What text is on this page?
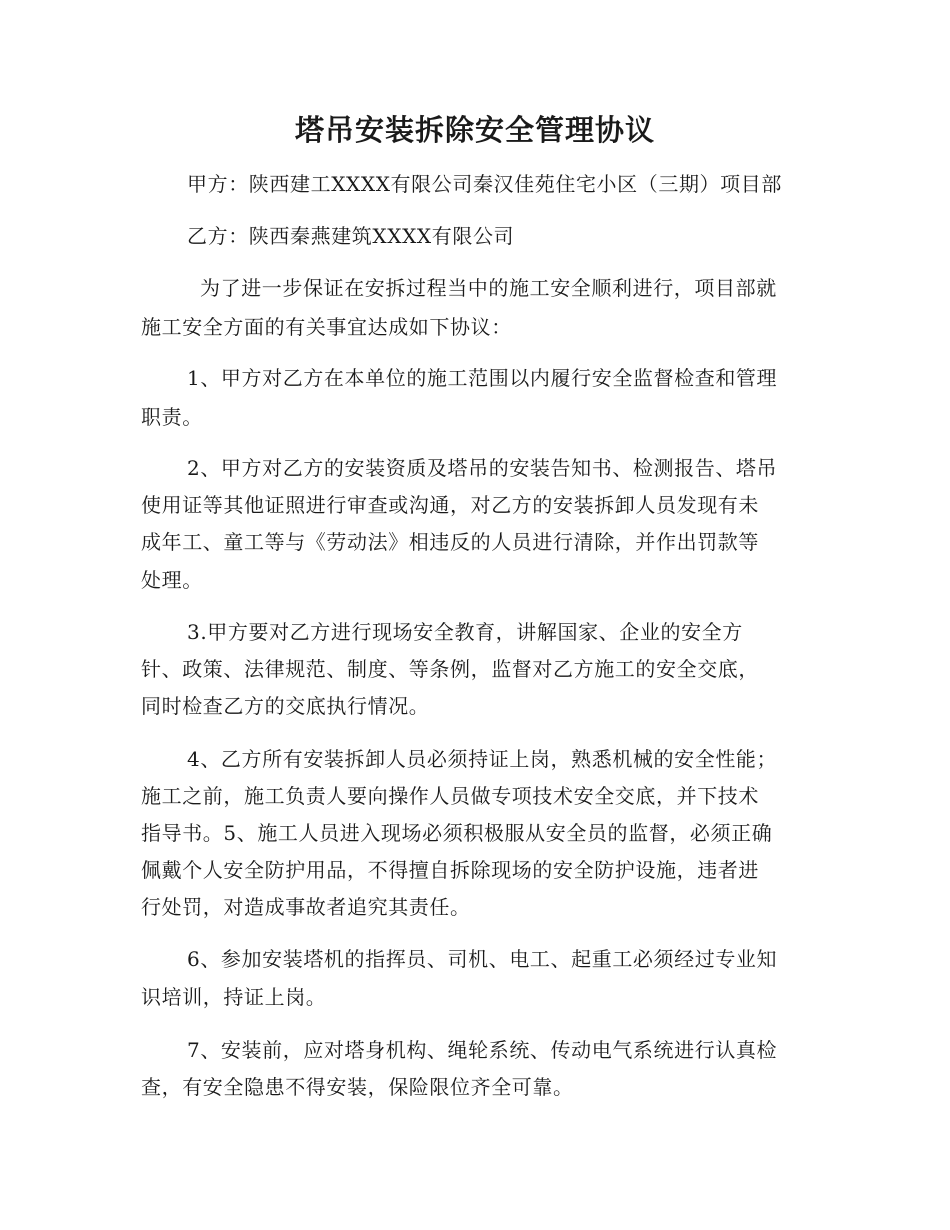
塔吊安装拆除安全管理协议
甲方：陕西建工XXXX有限公司秦汉佳苑住宅小区（三期）项目部
乙方：陕西秦燕建筑XXXX有限公司
为了进一步保证在安拆过程当中的施工安全顺利进行，项目部就
施工安全方面的有关事宜达成如下协议：
1、甲方对乙方在本单位的施工范围以内履行安全监督检查和管理
职责。
2、甲方对乙方的安装资质及塔吊的安装告知书、检测报告、塔吊
使用证等其他证照进行审查或沟通，对乙方的安装拆卸人员发现有未
成年工、童工等与《劳动法》相违反的人员进行清除，并作出罚款等
处理。
3.甲方要对乙方进行现场安全教育，讲解国家、企业的安全方
针、政策、法律规范、制度、等条例，监督对乙方施工的安全交底，
同时检查乙方的交底执行情况。
4、乙方所有安装拆卸人员必须持证上岗，熟悉机械的安全性能；
施工之前，施工负责人要向操作人员做专项技术安全交底，并下技术
指导书。5、施工人员进入现场必须积极服从安全员的监督，必须正确
佩戴个人安全防护用品，不得擅自拆除现场的安全防护设施，违者进
行处罚，对造成事故者追究其责任。
6、参加安装塔机的指挥员、司机、电工、起重工必须经过专业知
识培训，持证上岗。
7、安装前，应对塔身机构、绳轮系统、传动电气系统进行认真检
查，有安全隐患不得安装，保险限位齐全可靠。
